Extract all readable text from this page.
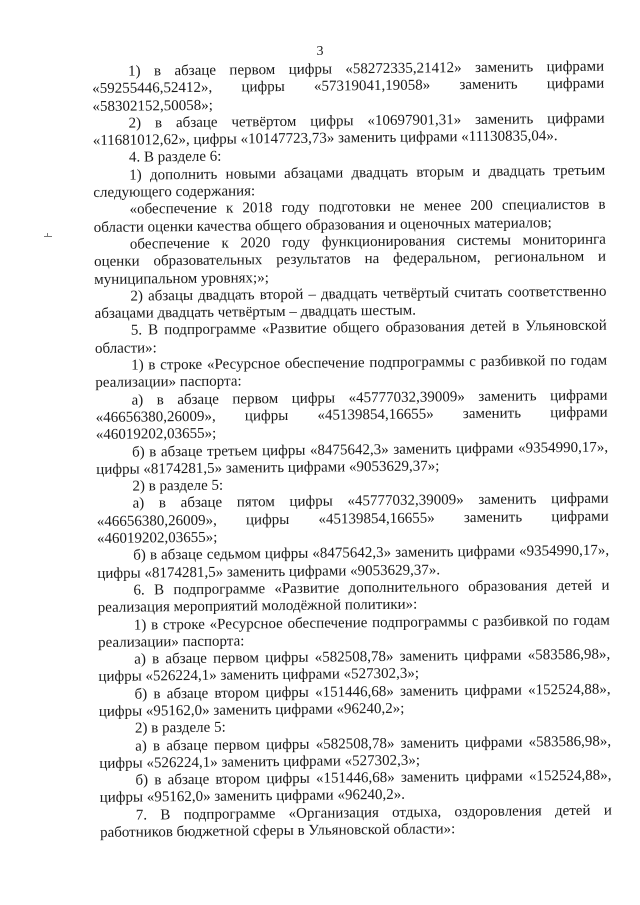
3

1) в абзаце первом цифры «58272335,21412» заменить цифрами «59255446,52412», цифры «57319041,19058» заменить цифрами «58302152,50058»;

2) в абзаце четвёртом цифры «10697901,31» заменить цифрами «11681012,62», цифры «10147723,73» заменить цифрами «11130835,04».

4. В разделе 6:

1) дополнить новыми абзацами двадцать вторым и двадцать третьим следующего содержания:

«обеспечение к 2018 году подготовки не менее 200 специалистов в области оценки качества общего образования и оценочных материалов;

обеспечение к 2020 году функционирования системы мониторинга оценки образовательных результатов на федеральном, региональном и муниципальном уровнях;»;

2) абзацы двадцать второй – двадцать четвёртый считать соответственно абзацами двадцать четвёртым – двадцать шестым.

5. В подпрограмме «Развитие общего образования детей в Ульяновской области»:

1) в строке «Ресурсное обеспечение подпрограммы с разбивкой по годам реализации» паспорта:

а) в абзаце первом цифры «45777032,39009» заменить цифрами «46656380,26009», цифры «45139854,16655» заменить цифрами «46019202,03655»;

б) в абзаце третьем цифры «8475642,3» заменить цифрами «9354990,17», цифры «8174281,5» заменить цифрами «9053629,37»;

2) в разделе 5:

а) в абзаце пятом цифры «45777032,39009» заменить цифрами «46656380,26009», цифры «45139854,16655» заменить цифрами «46019202,03655»;

б) в абзаце седьмом цифры «8475642,3» заменить цифрами «9354990,17», цифры «8174281,5» заменить цифрами «9053629,37».

6. В подпрограмме «Развитие дополнительного образования детей и реализация мероприятий молодёжной политики»:

1) в строке «Ресурсное обеспечение подпрограммы с разбивкой по годам реализации» паспорта:

а) в абзаце первом цифры «582508,78» заменить цифрами «583586,98», цифры «526224,1» заменить цифрами «527302,3»;

б) в абзаце втором цифры «151446,68» заменить цифрами «152524,88», цифры «95162,0» заменить цифрами «96240,2»;

2) в разделе 5:

а) в абзаце первом цифры «582508,78» заменить цифрами «583586,98», цифры «526224,1» заменить цифрами «527302,3»;

б) в абзаце втором цифры «151446,68» заменить цифрами «152524,88», цифры «95162,0» заменить цифрами «96240,2».

7. В подпрограмме «Организация отдыха, оздоровления детей и работников бюджетной сферы в Ульяновской области»:
